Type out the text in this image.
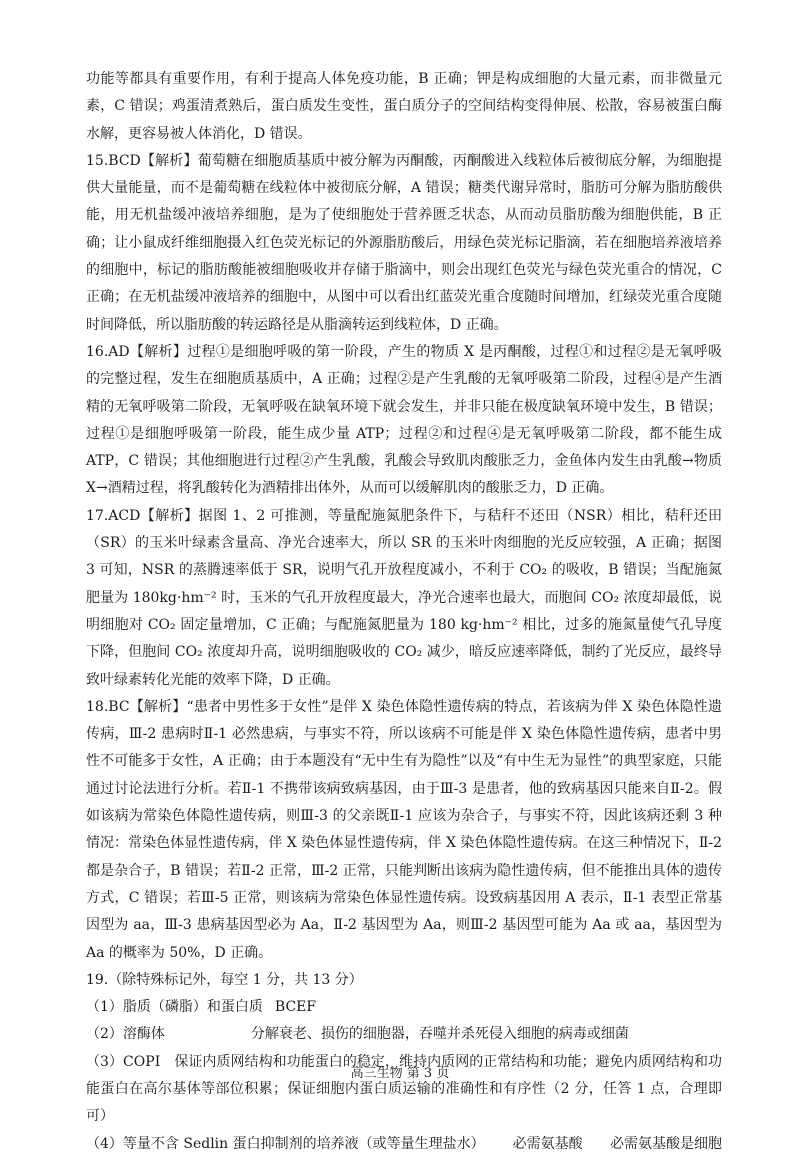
功能等都具有重要作用，有利于提高人体免疫功能，B 正确；钾是构成细胞的大量元素，而非微量元素，C 错误；鸡蛋清煮熟后，蛋白质发生变性，蛋白质分子的空间结构变得伸展、松散，容易被蛋白酶水解，更容易被人体消化，D 错误。

15.BCD【解析】葡萄糖在细胞质基质中被分解为丙酮酸，丙酮酸进入线粒体后被彻底分解，为细胞提供大量能量，而不是葡萄糖在线粒体中被彻底分解，A 错误；糖类代谢异常时，脂肪可分解为脂肪酸供能，用无机盐缓冲液培养细胞，是为了使细胞处于营养匮乏状态，从而动员脂肪酸为细胞供能，B 正确；让小鼠成纤维细胞摄入红色荧光标记的外源脂肪酸后，用绿色荧光标记脂滴，若在细胞培养液培养的细胞中，标记的脂肪酸能被细胞吸收并存储于脂滴中，则会出现红色荧光与绿色荧光重合的情况，C 正确；在无机盐缓冲液培养的细胞中，从图中可以看出红蓝荧光重合度随时间增加，红绿荧光重合度随时间降低，所以脂肪酸的转运路径是从脂滴转运到线粒体，D 正确。

16.AD【解析】过程①是细胞呼吸的第一阶段，产生的物质 X 是丙酮酸，过程①和过程②是无氧呼吸的完整过程，发生在细胞质基质中，A 正确；过程②是产生乳酸的无氧呼吸第二阶段，过程④是产生酒精的无氧呼吸第二阶段，无氧呼吸在缺氧环境下就会发生，并非只能在极度缺氧环境中发生，B 错误；过程①是细胞呼吸第一阶段，能生成少量 ATP；过程②和过程④是无氧呼吸第二阶段，都不能生成 ATP，C 错误；其他细胞进行过程②产生乳酸，乳酸会导致肌肉酸胀乏力，金鱼体内发生由乳酸→物质 X→酒精过程，将乳酸转化为酒精排出体外，从而可以缓解肌肉的酸胀乏力，D 正确。

17.ACD【解析】据图 1、2 可推测，等量配施氮肥条件下，与秸秆不还田（NSR）相比，秸秆还田（SR）的玉米叶绿素含量高、净光合速率大，所以 SR 的玉米叶肉细胞的光反应较强，A 正确；据图 3 可知，NSR 的蒸腾速率低于 SR，说明气孔开放程度减小，不利于 CO₂ 的吸收，B 错误；当配施氮肥量为 180kg·hm⁻² 时，玉米的气孔开放程度最大，净光合速率也最大，而胞间 CO₂ 浓度却最低，说明细胞对 CO₂ 固定量增加，C 正确；与配施氮肥量为 180 kg·hm⁻² 相比，过多的施氮量使气孔导度下降，但胞间 CO₂ 浓度却升高，说明细胞吸收的 CO₂ 减少，暗反应速率降低，制约了光反应，最终导致叶绿素转化光能的效率下降，D 正确。

18.BC【解析】“患者中男性多于女性”是伴 X 染色体隐性遗传病的特点，若该病为伴 X 染色体隐性遗传病，Ⅲ-2 患病时Ⅱ-1 必然患病，与事实不符，所以该病不可能是伴 X 染色体隐性遗传病，患者中男性不可能多于女性，A 正确；由于本题没有“无中生有为隐性”以及“有中生无为显性”的典型家庭，只能通过讨论法进行分析。若Ⅱ-1 不携带该病致病基因，由于Ⅲ-3 是患者，他的致病基因只能来自Ⅱ-2。假如该病为常染色体隐性遗传病，则Ⅲ-3 的父亲既Ⅱ-1 应该为杂合子，与事实不符，因此该病还剩 3 种情况：常染色体显性遗传病，伴 X 染色体显性遗传病，伴 X 染色体隐性遗传病。在这三种情况下，Ⅱ-2 都是杂合子，B 错误；若Ⅱ-2 正常，Ⅲ-2 正常，只能判断出该病为隐性遗传病，但不能推出具体的遗传方式，C 错误；若Ⅲ-5 正常，则该病为常染色体显性遗传病。设致病基因用 A 表示，Ⅱ-1 表型正常基因型为 aa，Ⅲ-3 患病基因型必为 Aa，Ⅱ-2 基因型为 Aa，则Ⅲ-2 基因型可能为 Aa 或 aa，基因型为 Aa 的概率为 50%，D 正确。

19.（除特殊标记外，每空 1 分，共 13 分）

（1） 脂质（磷脂）和蛋白质 BCEF
（2） 溶酶体	分解衰老、损伤的细胞器，吞噬并杀死侵入细胞的病毒或细菌

（3）COPⅠ　保证内质网结构和功能蛋白的稳定，维持内质网的正常结构和功能；避免内质网结构和功能蛋白在高尔基体等部位积累；保证细胞内蛋白质运输的准确性和有序性（2 分，任答 1 点，合理即可）

（4） 等量不含 Sedlin 蛋白抑制剂的培养液（或等量生理盐水）	必需氨基酸	必需氨基酸是细胞
高三生物 第 3 页
